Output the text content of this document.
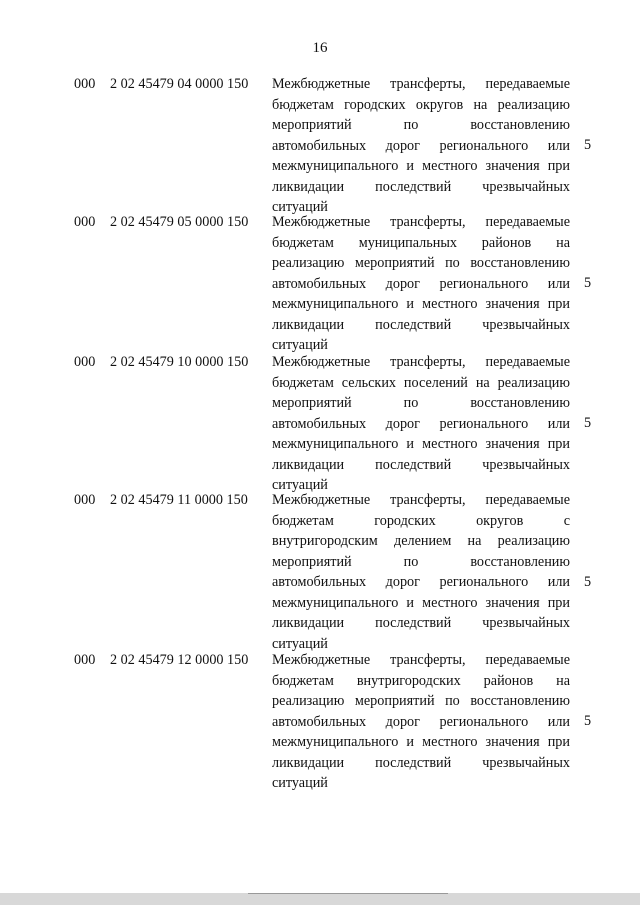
16
000 2 02 45479 04 0000 150 Межбюджетные трансферты, передаваемые
бюджетам городских округов на реализацию
мероприятий по восстановлению
автомобильных дорог регионального или
межмуниципального и местного значения при
ликвидации последствий чрезвычайных
ситуаций
5
000 2 02 45479 05 0000 150 Межбюджетные трансферты, передаваемые
бюджетам муниципальных районов на
реализацию мероприятий по восстановлению
автомобильных дорог регионального или
межмуниципального и местного значения при
ликвидации последствий чрезвычайных
ситуаций
5
000 2 02 45479 10 0000 150 Межбюджетные трансферты, передаваемые
бюджетам сельских поселений на реализацию
мероприятий по восстановлению
автомобильных дорог регионального или
межмуниципального и местного значения при
ликвидации последствий чрезвычайных
ситуаций
5
000 2 02 45479 11 0000 150 Межбюджетные трансферты, передаваемые
бюджетам городских округов с
внутригородским делением на реализацию
мероприятий по восстановлению
автомобильных дорог регионального или
межмуниципального и местного значения при
ликвидации последствий чрезвычайных
ситуаций
5
000 2 02 45479 12 0000 150 Межбюджетные трансферты, передаваемые
бюджетам внутригородских районов на
реализацию мероприятий по восстановлению
автомобильных дорог регионального или
межмуниципального и местного значения при
ликвидации последствий чрезвычайных
ситуаций
5
